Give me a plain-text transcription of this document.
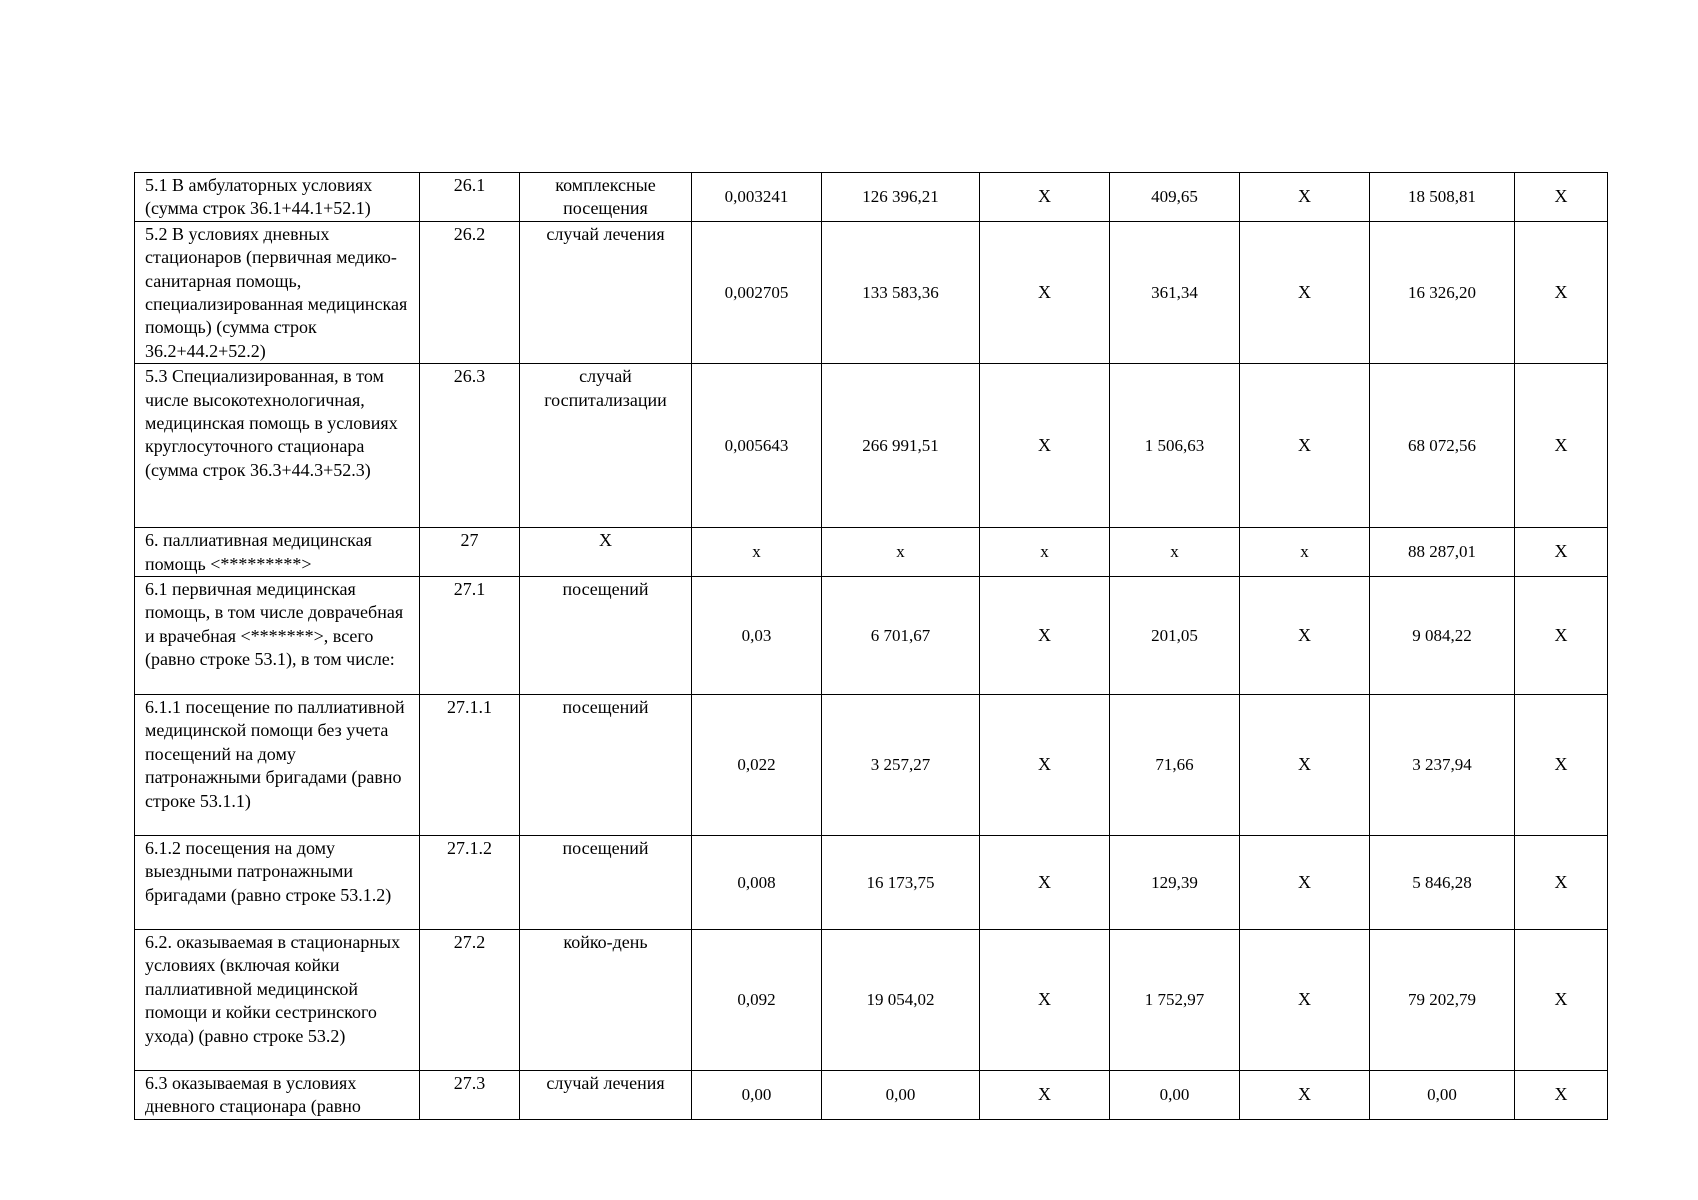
5.1 В амбулаторных условиях (сумма строк 36.1+44.1+52.1)	26.1	комплексные посещения	0,003241	126 396,21	X	409,65	X	18 508,81	X
5.2 В условиях дневных стационаров (первичная медико-санитарная помощь, специализированная медицинская помощь) (сумма строк 36.2+44.2+52.2)	26.2	случай лечения	0,002705	133 583,36	X	361,34	X	16 326,20	X
5.3 Специализированная, в том числе высокотехнологичная, медицинская помощь в условиях круглосуточного стационара (сумма строк 36.3+44.3+52.3)	26.3	случай госпитализации	0,005643	266 991,51	X	1 506,63	X	68 072,56	X
6. паллиативная медицинская помощь <*********>	27	X	x	x	x	x	x	88 287,01	X
6.1 первичная медицинская помощь, в том числе доврачебная и врачебная <*******>, всего (равно строке 53.1), в том числе:	27.1	посещений	0,03	6 701,67	X	201,05	X	9 084,22	X
6.1.1 посещение по паллиативной медицинской помощи без учета посещений на дому патронажными бригадами (равно строке 53.1.1)	27.1.1	посещений	0,022	3 257,27	X	71,66	X	3 237,94	X
6.1.2 посещения на дому выездными патронажными бригадами (равно строке 53.1.2)	27.1.2	посещений	0,008	16 173,75	X	129,39	X	5 846,28	X
6.2. оказываемая в стационарных условиях (включая койки паллиативной медицинской помощи и койки сестринского ухода) (равно строке 53.2)	27.2	койко-день	0,092	19 054,02	X	1 752,97	X	79 202,79	X
6.3 оказываемая в условиях дневного стационара (равно	27.3	случай лечения	0,00	0,00	X	0,00	X	0,00	X
